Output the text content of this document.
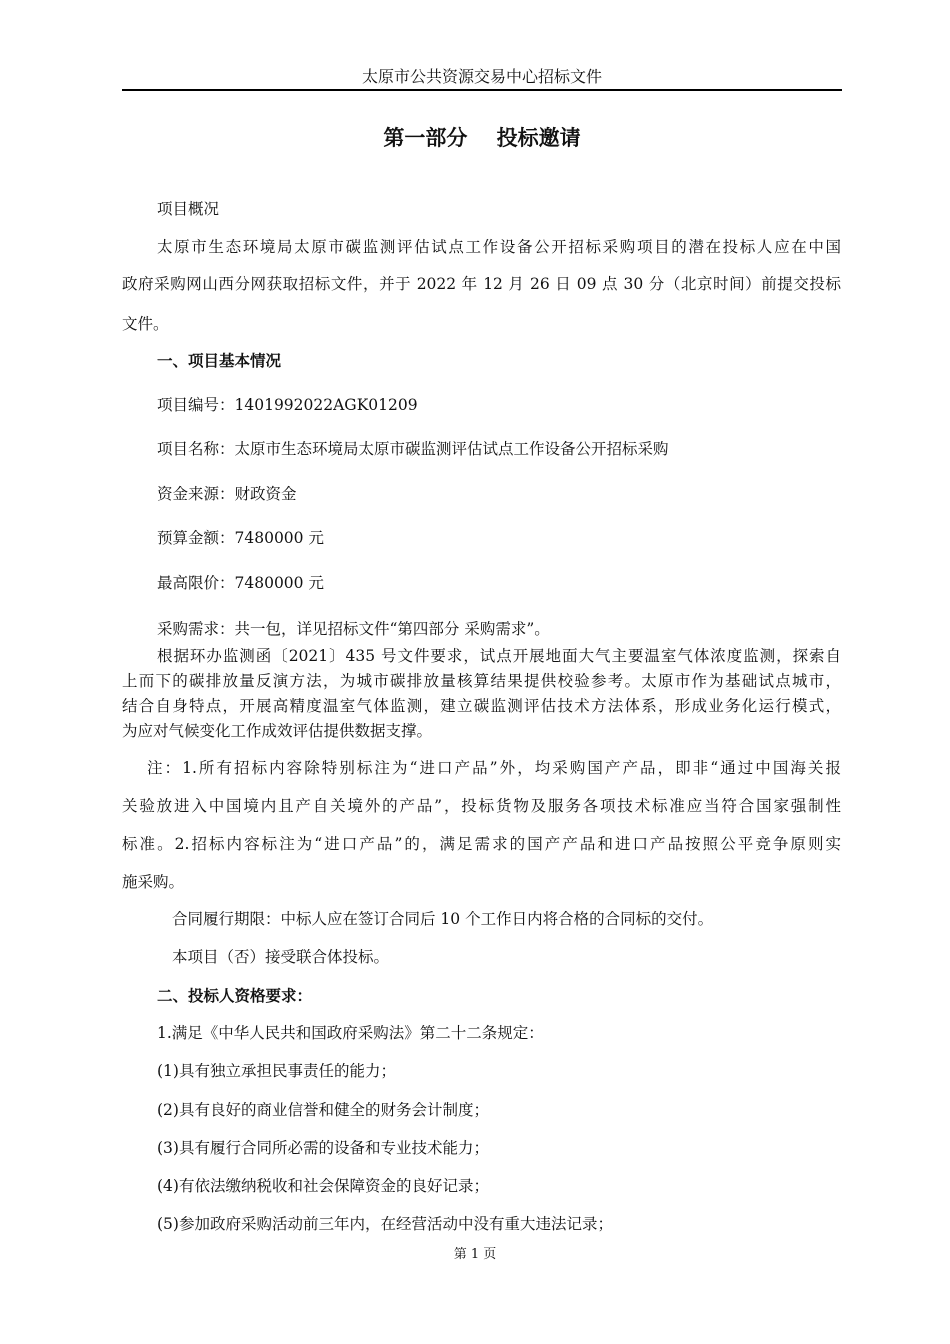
太原市公共资源交易中心招标文件
第一部分    投标邀请
项目概况
太原市生态环境局太原市碳监测评估试点工作设备公开招标采购项目的潜在投标人应在中国
政府采购网山西分网获取招标文件，并于 2022 年 12 月 26 日 09 点 30 分（北京时间）前提交投标
文件。
一、项目基本情况
项目编号：1401992022AGK01209
项目名称：太原市生态环境局太原市碳监测评估试点工作设备公开招标采购
资金来源：财政资金
预算金额：7480000 元
最高限价：7480000 元
采购需求：共一包，详见招标文件“第四部分 采购需求”。
根据环办监测函〔2021〕435 号文件要求，试点开展地面大气主要温室气体浓度监测，探索自
上而下的碳排放量反演方法，为城市碳排放量核算结果提供校验参考。太原市作为基础试点城市，
结合自身特点，开展高精度温室气体监测，建立碳监测评估技术方法体系，形成业务化运行模式，
为应对气候变化工作成效评估提供数据支撑。
注：1.所有招标内容除特别标注为“进口产品”外，均采购国产产品，即非“通过中国海关报
关验放进入中国境内且产自关境外的产品”，投标货物及服务各项技术标准应当符合国家强制性
标准。2.招标内容标注为“进口产品”的，满足需求的国产产品和进口产品按照公平竞争原则实
施采购。
合同履行期限：中标人应在签订合同后 10 个工作日内将合格的合同标的交付。
本项目（否）接受联合体投标。
二、投标人资格要求：
1.满足《中华人民共和国政府采购法》第二十二条规定：
(1)具有独立承担民事责任的能力；
(2)具有良好的商业信誉和健全的财务会计制度；
(3)具有履行合同所必需的设备和专业技术能力；
(4)有依法缴纳税收和社会保障资金的良好记录；
(5)参加政府采购活动前三年内，在经营活动中没有重大违法记录；
第 1 页
